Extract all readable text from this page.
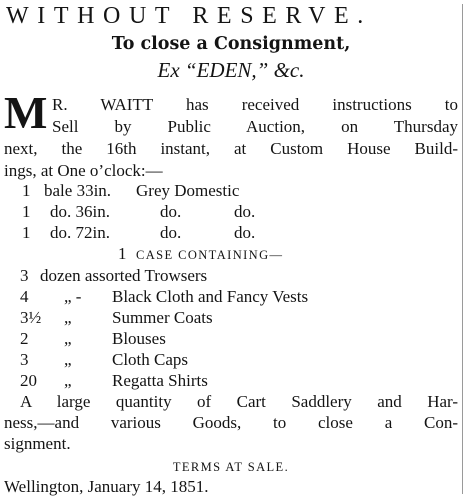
WITHOUT RESERVE.
To close a Consignment,
Ex “EDEN,” &c.
M R. WAITT has received instructions to
Sell by Public Auction, on Thursday
next, the 16th instant, at Custom House Build-
ings, at One o’clock:—
1 bale 33in. Grey Domestic
1 do. 36in.	do.	do.
1 do. 72in.	do.	do.
1 CASE CONTAINING—
3 dozen assorted Trowsers
4 „ - Black Cloth and Fancy Vests
3½ „ Summer Coats
2 „ Blouses
3 „ Cloth Caps
20 „ Regatta Shirts
A large quantity of Cart Saddlery and Har-
ness,—and various Goods, to close a Con-
signment.
TERMS AT SALE.
Wellington, January 14, 1851.
